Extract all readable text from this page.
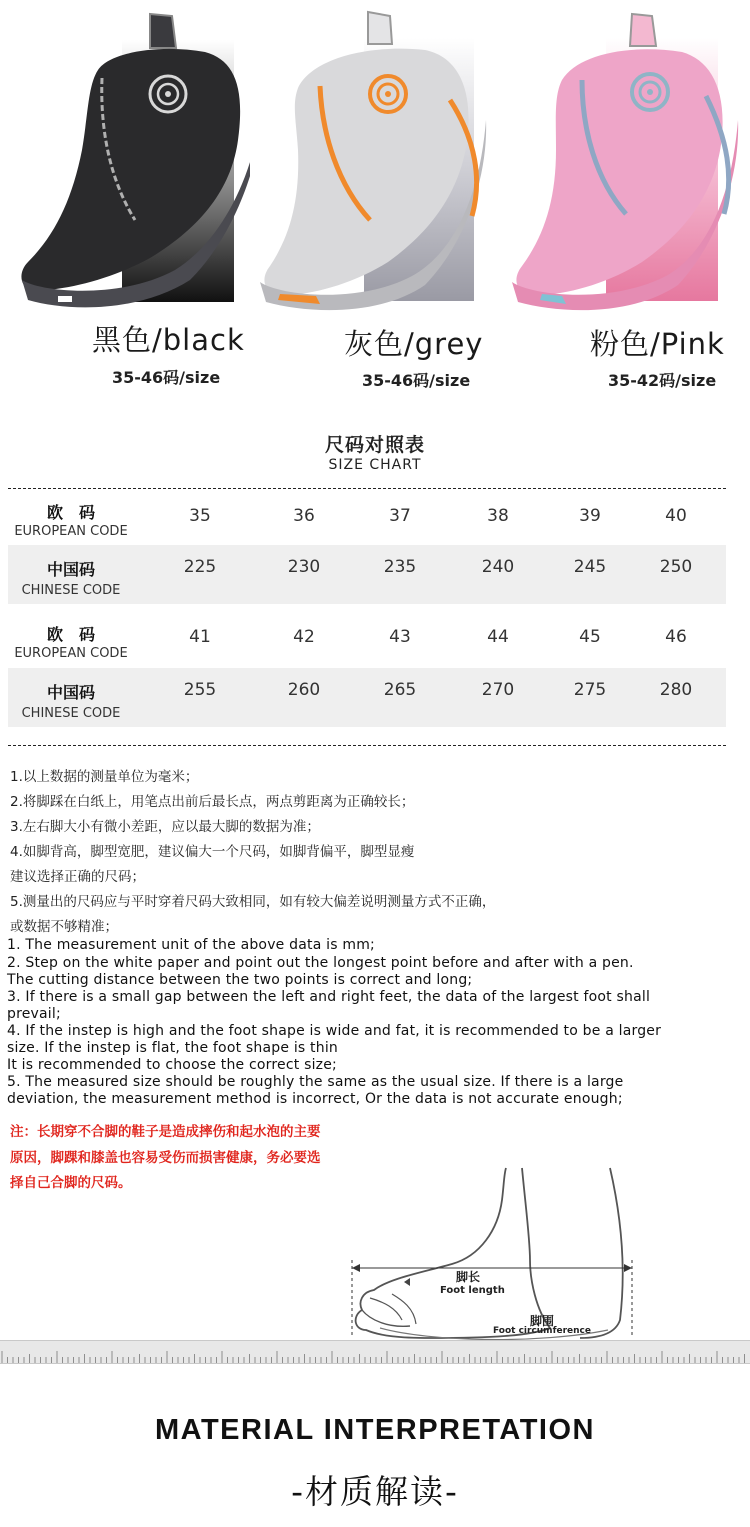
黑色/black
35-46码/size
灰色/grey
35-46码/size
粉色/Pink
35-42码/size
尺码对照表
SIZE CHART
欧　码
EUROPEAN CODE
35	36	37	38	39	40
中国码
CHINESE CODE
225	230	235	240	245	250
欧　码
EUROPEAN CODE
41	42	43	44	45	46
中国码
CHINESE CODE
255	260	265	270	275	280
1.以上数据的测量单位为毫米；
2.将脚踩在白纸上，用笔点出前后最长点，两点剪距离为正确较长；
3.左右脚大小有微小差距，应以最大脚的数据为准；
4.如脚背高，脚型宽肥，建议偏大一个尺码，如脚背偏平，脚型显瘦
建议选择正确的尺码；
5.测量出的尺码应与平时穿着尺码大致相同，如有较大偏差说明测量方式不正确，
或数据不够精准；
1. The measurement unit of the above data is mm;
2. Step on the white paper and point out the longest point before and after with a pen.
The cutting distance between the two points is correct and long;
3. If there is a small gap between the left and right feet, the data of the largest foot shall
prevail;
4. If the instep is high and the foot shape is wide and fat, it is recommended to be a larger
size. If the instep is flat, the foot shape is thin
It is recommended to choose the correct size;
5. The measured size should be roughly the same as the usual size. If there is a large
deviation, the measurement method is incorrect, Or the data is not accurate enough;
注：长期穿不合脚的鞋子是造成摔伤和起水泡的主要
原因，脚踝和膝盖也容易受伤而损害健康，务必要选
择自己合脚的尺码。
脚长
Foot length
脚围
Foot circumference
MATERIAL INTERPRETATION
-材质解读-
